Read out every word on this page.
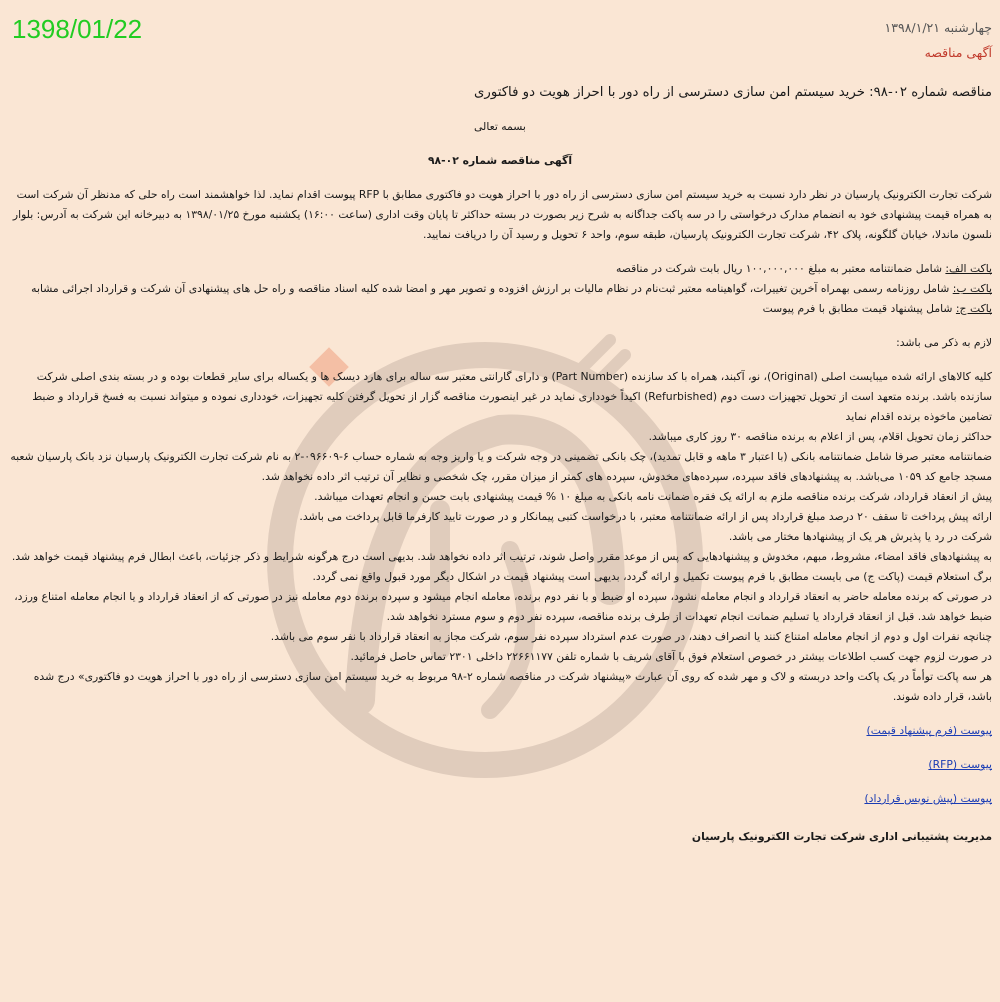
1398/01/22	چهارشنبه ۱۳۹۸/۱/۲۱
آگهی مناقصه
مناقصه شماره ۰۲-۹۸: خرید سیستم امن سازی دسترسی از راه دور با احراز هویت دو فاکتوری
بسمه تعالی
آگهی مناقصه شماره ۰۲-۹۸

شرکت تجارت الکترونیک پارسیان در نظر دارد نسبت به خرید سیستم امن سازی دسترسی از راه دور با احراز هویت دو فاکتوری مطابق با RFP پیوست اقدام نماید. لذا خواهشمند است راه حلی که مدنظر آن شرکت است به همراه قیمت پیشنهادی خود به انضمام مدارک درخواستی را در سه پاکت جداگانه به شرح زیر بصورت در بسته حداکثر تا پایان وقت اداری (ساعت ۱۶:۰۰) یکشنبه مورخ ۱۳۹۸/۰۱/۲۵ به دبیرخانه این شرکت به آدرس: بلوار نلسون ماندلا، خیابان گلگونه، پلاک ۴۲، شرکت تجارت الکترونیک پارسیان، طبقه سوم، واحد ۶ تحویل و رسید آن را دریافت نمایید.

پاکت الف: شامل ضمانتنامه معتبر به مبلغ ۱۰۰,۰۰۰,۰۰۰ ریال بابت شرکت در مناقصه

پاکت ب: شامل روزنامه رسمی بهمراه آخرین تغییرات، گواهینامه معتبر ثبت‌نام در نظام مالیات بر ارزش افزوده و تصویر مهر و امضا شده کلیه اسناد مناقصه و راه حل های پیشنهادی آن شرکت و قرارداد اجرائی مشابه

پاکت ج: شامل پیشنهاد قیمت مطابق با فرم پیوست

لازم به ذکر می باشد:

کلیه کالاهای ارائه شده میبایست اصلی (Original)، نو، آکبند، همراه با کد سازنده (Part Number) و دارای گارانتی معتبر سه ساله برای هارد دیسک ها و یکساله برای سایر قطعات بوده و در بسته بندی اصلی شرکت سازنده باشد. برنده متعهد است از تحویل تجهیزات دست دوم (Refurbished) اکیداً خودداری نماید در غیر اینصورت مناقصه گزار از تحویل گرفتن کلیه تجهیزات، خودداری نموده و میتواند نسبت به فسخ قرارداد و ضبط تضامین ماخوذه برنده اقدام نماید

حداکثر زمان تحویل اقلام، پس از اعلام به برنده مناقصه ۳۰ روز کاری میباشد.

ضمانتنامه معتبر صرفا شامل ضمانتنامه بانکی (با اعتبار ۳ ماهه و قابل تمدید)، چک بانکی تضمینی در وجه شرکت و یا واریز وجه به شماره حساب ۶-۰۹۶۶۰۹-۲ به نام شرکت تجارت الکترونیک پارسیان نزد بانک پارسیان شعبه مسجد جامع کد ۱۰۵۹ می‌باشد. به پیشنهادهای فاقد سپرده، سپرده‌های مخدوش، سپرده های کمتر از میزان مقرر، چک شخصی و نظایر آن ترتیب اثر داده نخواهد شد.

پیش از انعقاد قرارداد، شرکت برنده مناقصه ملزم به ارائه یک فقره ضمانت نامه بانکی به مبلغ ۱۰ % قیمت پیشنهادی بابت حسن و انجام تعهدات میباشد.

ارائه پیش پرداخت تا سقف ۲۰ درصد مبلغ قرارداد پس از ارائه ضمانتنامه معتبر، با درخواست کتبی پیمانکار و در صورت تایید کارفرما قابل پرداخت می باشد.

شرکت در رد یا پذیرش هر یک از پیشنهادها مختار می باشد.

به پیشنهادهای فاقد امضاء، مشروط، مبهم، مخدوش و پیشنهادهایی که پس از موعد مقرر واصل شوند، ترتیب اثر داده نخواهد شد. بدیهی است درج هرگونه شرایط و ذکر جزئیات، باعث ابطال فرم پیشنهاد قیمت خواهد شد.

برگ استعلام قیمت (پاکت ج) می بایست مطابق با فرم پیوست تکمیل و ارائه گردد، بدیهی است پیشنهاد قیمت در اشکال دیگر مورد قبول واقع نمی گردد.

در صورتی که برنده معامله حاضر به انعقاد قرارداد و انجام معامله نشود، سپرده او ضبط و با نفر دوم برنده، معامله انجام میشود و سپرده برنده دوم معامله نیز در صورتی که از انعقاد قرارداد و یا انجام معامله امتناع ورزد، ضبط خواهد شد. قبل از انعقاد قرارداد یا تسلیم ضمانت انجام تعهدات از طرف برنده مناقصه، سپرده نفر دوم و سوم مسترد نخواهد شد.

چنانچه نفرات اول و دوم از انجام معامله امتناع کنند یا انصراف دهند، در صورت عدم استرداد سپرده نفر سوم، شرکت مجاز به انعقاد قرارداد با نفر سوم می باشد.

در صورت لزوم جهت کسب اطلاعات بیشتر در خصوص استعلام فوق با آقای شریف با شماره تلفن ۲۲۶۶۱۱۷۷ داخلی ۲۳۰۱ تماس حاصل فرمائید.

هر سه پاکت توأماً در یک پاکت واحد دربسته و لاک و مهر شده که روی آن عبارت «پیشنهاد شرکت در مناقصه شماره ۲-۹۸ مربوط به خرید سیستم امن سازی دسترسی از راه دور با احراز هویت دو فاکتوری» درج شده باشد، قرار داده شوند.

پیوست (فرم پیشنهاد قیمت)
پیوست (RFP)
پیوست (پیش نویس قرارداد)
مدیریت پشتیبانی اداری شرکت تجارت الکترونیک پارسیان
